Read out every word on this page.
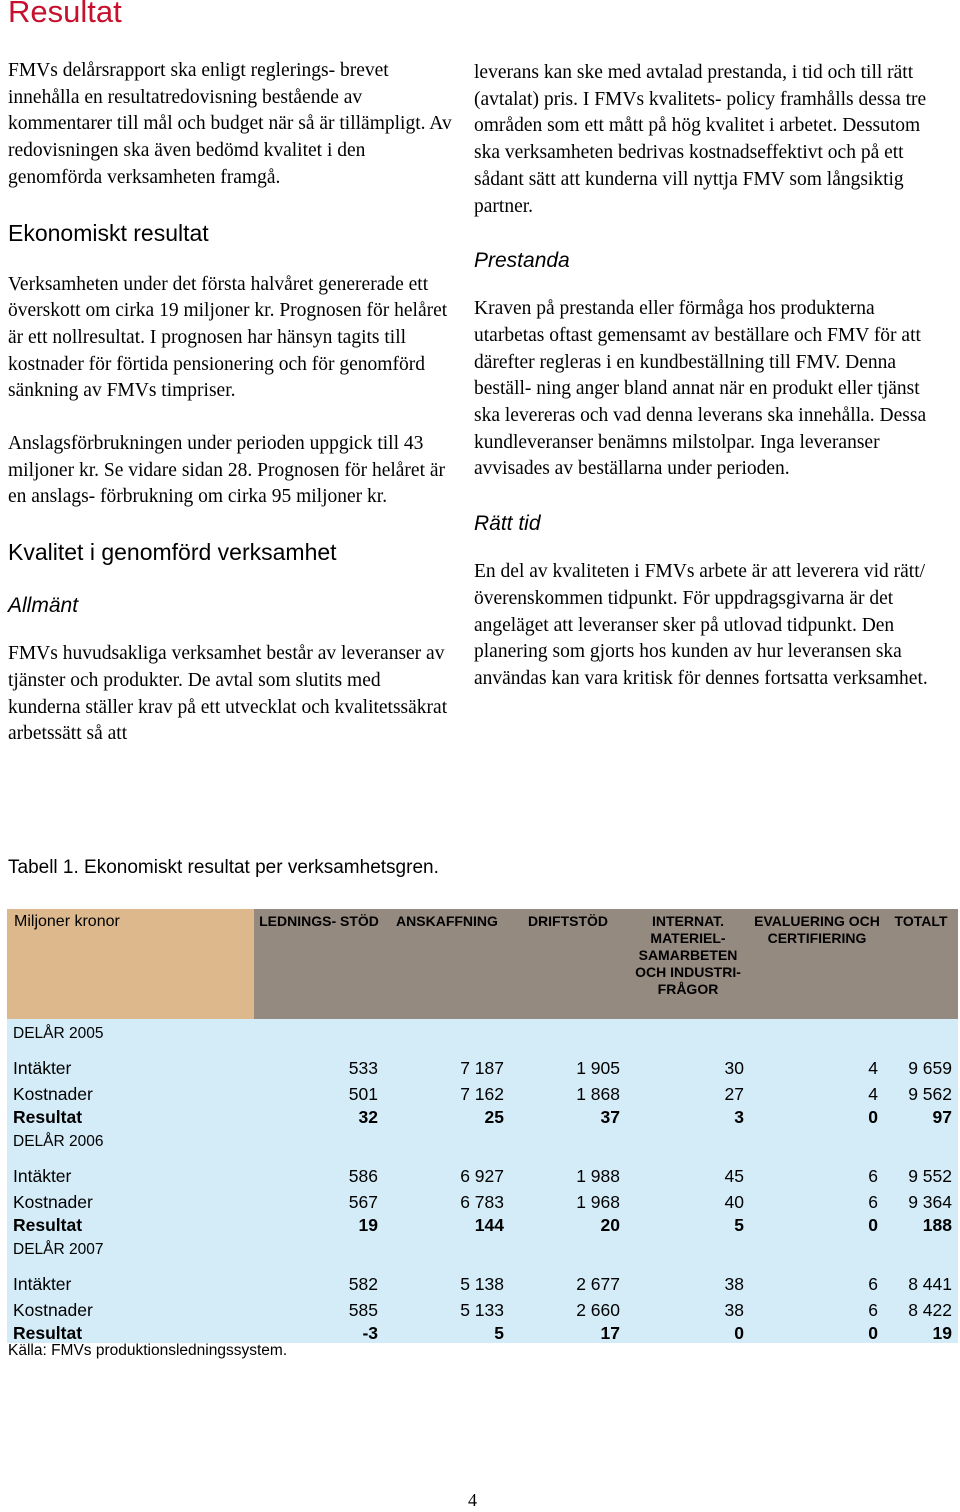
Resultat

FMVs delårsrapport ska enligt reglerings- brevet innehålla en resultatredovisning bestående av kommentarer till mål och budget när så är tillämpligt. Av redovisningen ska även bedömd kvalitet i den genomförda verksamheten framgå.

Ekonomiskt resultat

Verksamheten under det första halvåret genererade ett överskott om cirka 19 miljoner kr. Prognosen för helåret är ett nollresultat. I prognosen har hänsyn tagits till kostnader för förtida pensionering och för genomförd sänkning av FMVs timpriser.

Anslagsförbrukningen under perioden uppgick till 43 miljoner kr. Se vidare sidan 28. Prognosen för helåret är en anslags- förbrukning om cirka 95 miljoner kr.

Kvalitet i genomförd verksamhet
Allmänt

FMVs huvudsakliga verksamhet består av leveranser av tjänster och produkter. De avtal som slutits med kunderna ställer krav på ett utvecklat och kvalitetssäkrat arbetssätt så att

leverans kan ske med avtalad prestanda, i tid och till rätt (avtalat) pris. I FMVs kvalitets- policy framhålls dessa tre områden som ett mått på hög kvalitet i arbetet. Dessutom ska verksamheten bedrivas kostnadseffektivt och på ett sådant sätt att kunderna vill nyttja FMV som långsiktig partner.

Prestanda

Kraven på prestanda eller förmåga hos produkterna utarbetas oftast gemensamt av beställare och FMV för att därefter regleras i en kundbeställning till FMV. Denna beställ- ning anger bland annat när en produkt eller tjänst ska levereras och vad denna leverans ska innehålla. Dessa kundleveranser benämns milstolpar. Inga leveranser avvisades av beställarna under perioden.

Rätt tid

En del av kvaliteten i FMVs arbete är att leverera vid rätt/överenskommen tidpunkt. För uppdragsgivarna är det angeläget att leveranser sker på utlovad tidpunkt. Den planering som gjorts hos kunden av hur leveransen ska användas kan vara kritisk för dennes fortsatta verksamhet.

Tabell 1. Ekonomiskt resultat per verksamhetsgren.

Miljoner kronor	LEDNINGS- STÖD	ANSKAFFNING	DRIFTSTÖD	INTERNAT. MATERIEL- SAMARBETEN OCH INDUSTRI- FRÅGOR	EVALUERING OCH CERTIFIERING	TOTALT
DELÅR 2005						

Intäkter	533	7 187	1 905	30	4	9 659
Kostnader	501	7 162	1 868	27	4	9 562
Resultat	32	25	37	3	0	97
DELÅR 2006						

Intäkter	586	6 927	1 988	45	6	9 552
Kostnader	567	6 783	1 968	40	6	9 364
Resultat	19	144	20	5	0	188
DELÅR 2007						

Intäkter	582	5 138	2 677	38	6	8 441
Kostnader	585	5 133	2 660	38	6	8 422
Resultat	-3	5	17	0	0	19

Källa: FMVs produktionsledningssystem.

4
